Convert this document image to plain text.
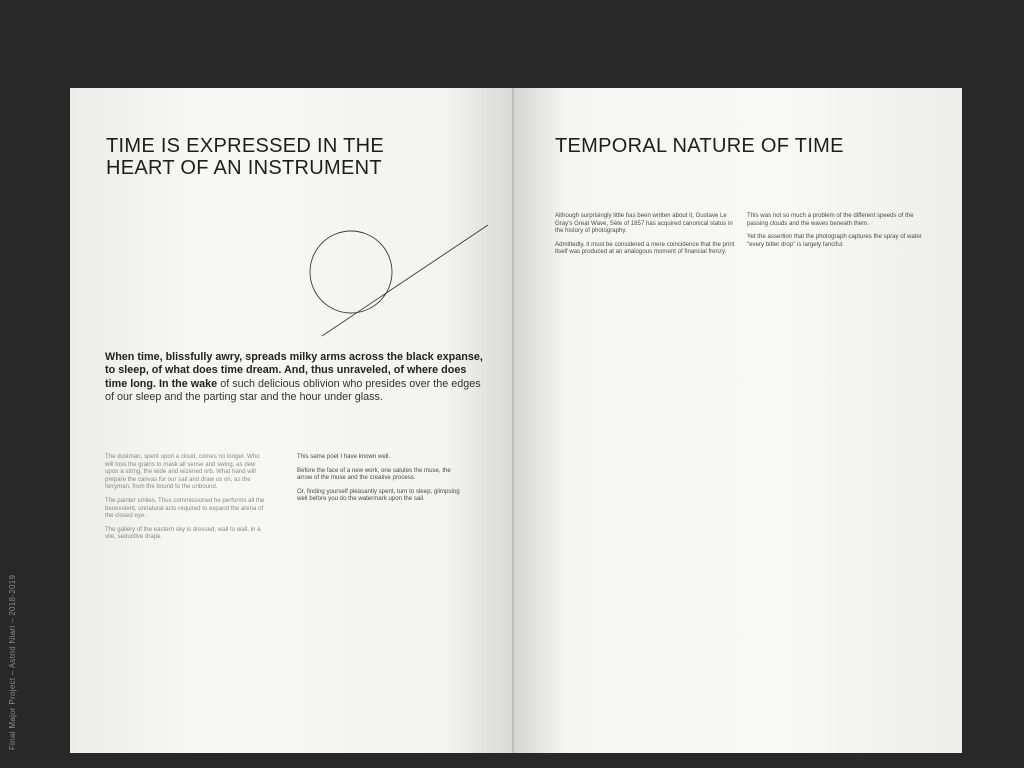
Final Major Project – Astrid Niari – 2018-2019
TIME IS EXPRESSED IN THE HEART OF AN INSTRUMENT
When time, blissfully awry, spreads milky arms across the black expanse, to sleep, of what does time dream. And, thus unraveled, of where does time long. In the wake of such delicious oblivion who presides over the edges of our sleep and the parting star and the hour under glass.

The dustman, spent upon a cloud, comes no longer. Who will toss the grains to mask all sense and swing, as dew upon a string, the wide and wizened orb. What hand will prepare the canvas for our sail and draw us on, as the ferryman, from the bound to the unbound.

The painter smiles. Thus commissioned he performs all the benevolent, unnatural acts required to expand the arena of the closed eye.

The gallery of the eastern sky is dressed, wall to wall, in a vile, seductive drape.

This same poet I have known well.

Before the face of a new work, one salutes the muse, the arrow of the muse and the creative process.

Or, finding yourself pleasantly spent, turn to sleep, glimpsing well before you do the watermark upon the sail.

TEMPORAL NATURE OF TIME

Although surprisingly little has been written about it, Gustave Le Gray's Great Wave, Sète of 1857 has acquired canonical status in the history of photography.

Admittedly, it must be considered a mere coincidence that the print itself was produced at an analogous moment of financial frenzy.

This was not so much a problem of the different speeds of the passing clouds and the waves beneath them.

Yet the assertion that the photograph captures the spray of water "every bitter drop" is largely fanciful.
